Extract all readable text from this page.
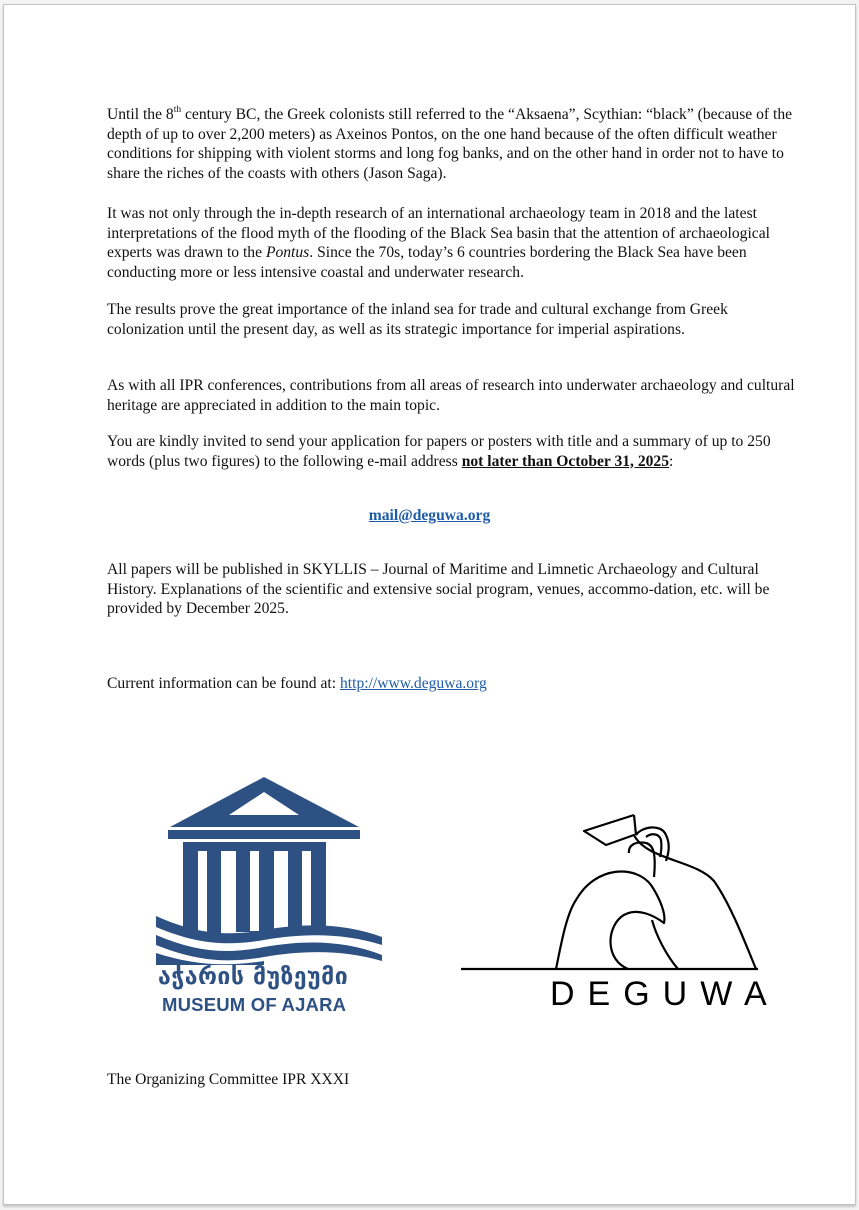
Until the 8th century BC, the Greek colonists still referred to the “Aksaena”, Scythian: “black” (because of the depth of up to over 2,200 meters) as Axeinos Pontos, on the one hand because of the often difficult weather conditions for shipping with violent storms and long fog banks, and on the other hand in order not to have to share the riches of the coasts with others (Jason Saga).

It was not only through the in-depth research of an international archaeology team in 2018 and the latest interpretations of the flood myth of the flooding of the Black Sea basin that the attention of archaeological experts was drawn to the Pontus. Since the 70s, today’s 6 countries bordering the Black Sea have been conducting more or less intensive coastal and underwater research.

The results prove the great importance of the inland sea for trade and cultural exchange from Greek colonization until the present day, as well as its strategic importance for imperial aspirations.

As with all IPR conferences, contributions from all areas of research into underwater archaeology and cultural heritage are appreciated in addition to the main topic.

You are kindly invited to send your application for papers or posters with title and a summary of up to 250 words (plus two figures) to the following e-mail address not later than October 31, 2025:

mail@deguwa.org

All papers will be published in SKYLLIS – Journal of Maritime and Limnetic Archaeology and Cultural History. Explanations of the scientific and extensive social program, venues, accommo-dation, etc. will be provided by December 2025.

Current information can be found at: http://www.deguwa.org

აჭარის მუზეუმი
MUSEUM OF AJARA	DEGUWA

The Organizing Committee IPR XXXI
